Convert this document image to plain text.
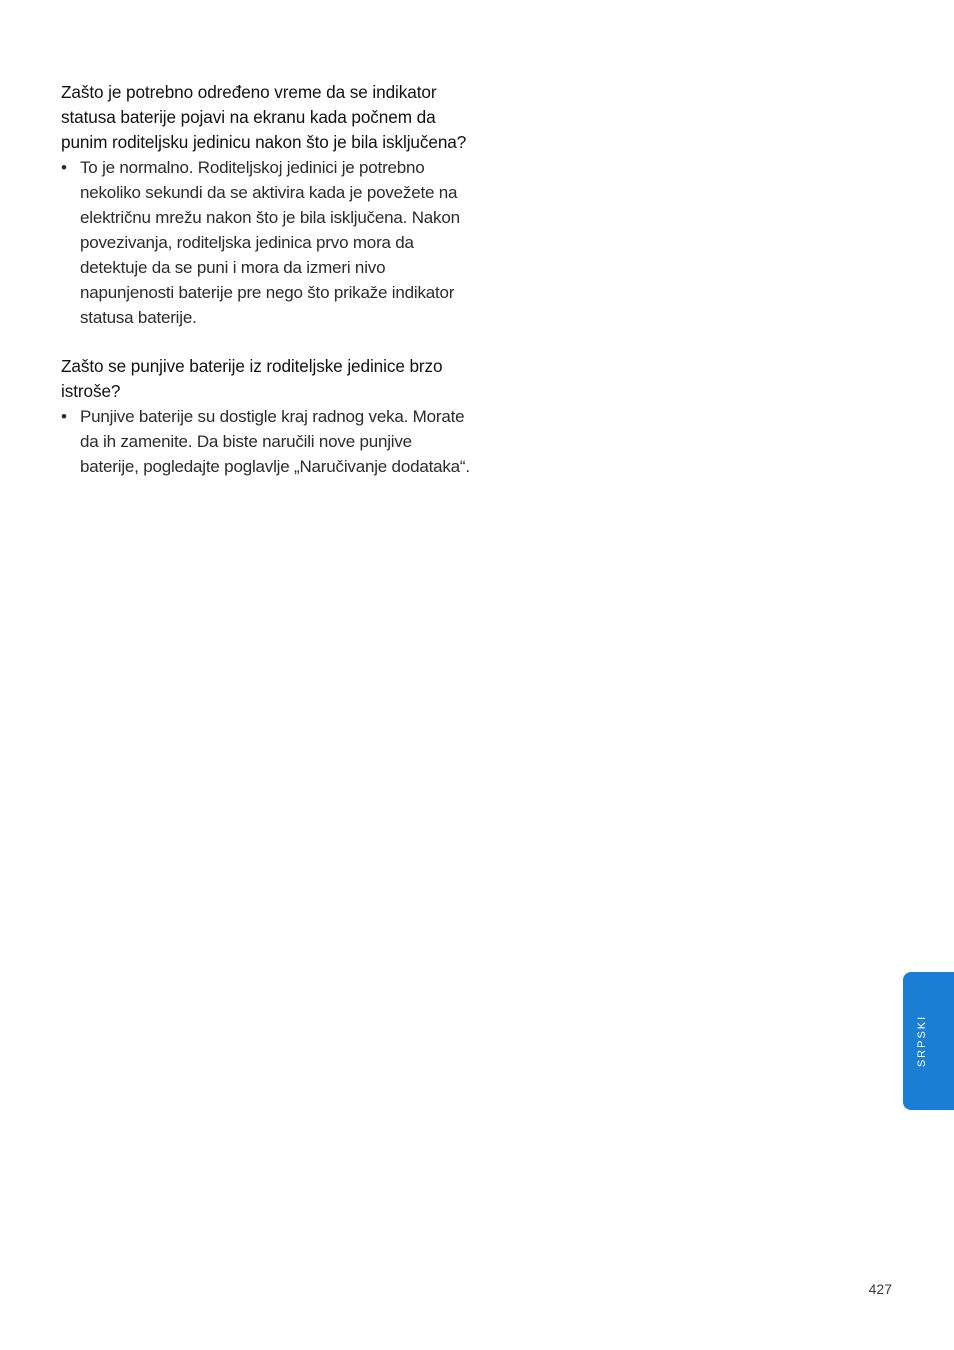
Zašto je potrebno određeno vreme da se indikator statusa baterije pojavi na ekranu kada počnem da punim roditeljsku jedinicu nakon što je bila isključena?
• To je normalno. Roditeljskoj jedinici je potrebno nekoliko sekundi da se aktivira kada je povežete na električnu mrežu nakon što je bila isključena. Nakon povezivanja, roditeljska jedinica prvo mora da detektuje da se puni i mora da izmeri nivo napunjenosti baterije pre nego što prikaže indikator statusa baterije.
Zašto se punjive baterije iz roditeljske jedinice brzo istroše?
• Punjive baterije su dostigle kraj radnog veka. Morate da ih zamenite. Da biste naručili nove punjive baterije, pogledajte poglavlje „Naručivanje dodataka“.
SRPSKI
427
